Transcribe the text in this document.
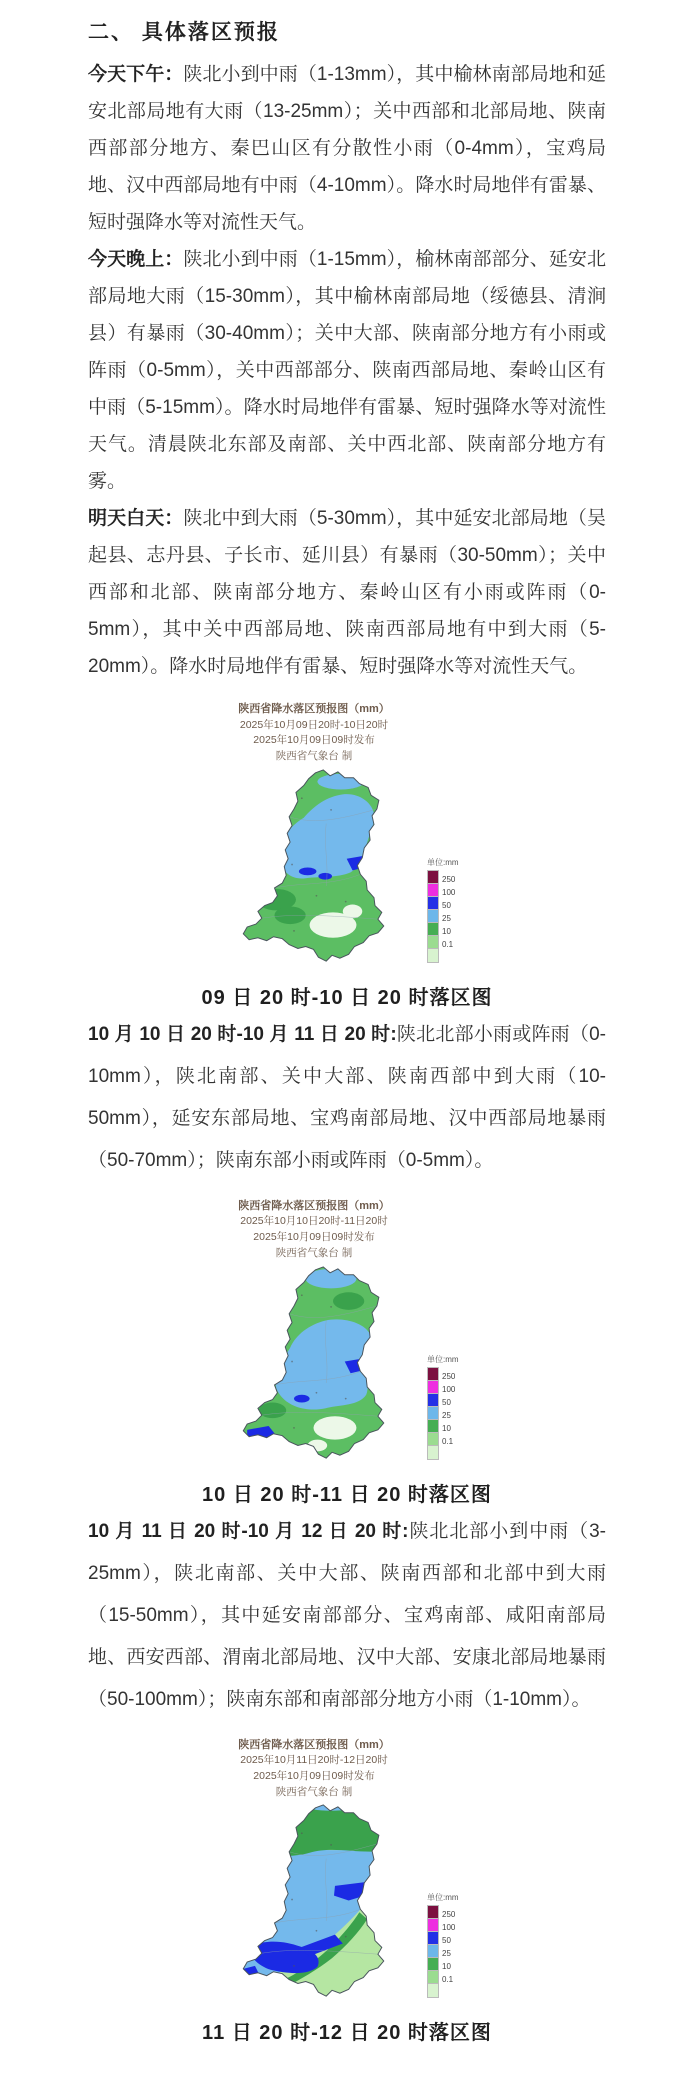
二、 具体落区预报

今天下午：陕北小到中雨（1-13mm），其中榆林南部局地和延安北部局地有大雨（13-25mm）；关中西部和北部局地、陕南西部部分地方、秦巴山区有分散性小雨（0-4mm），宝鸡局地、汉中西部局地有中雨（4-10mm）。降水时局地伴有雷暴、短时强降水等对流性天气。

今天晚上：陕北小到中雨（1-15mm），榆林南部部分、延安北部局地大雨（15-30mm），其中榆林南部局地（绥德县、清涧县）有暴雨（30-40mm）；关中大部、陕南部分地方有小雨或阵雨（0-5mm），关中西部部分、陕南西部局地、秦岭山区有中雨（5-15mm）。降水时局地伴有雷暴、短时强降水等对流性天气。清晨陕北东部及南部、关中西北部、陕南部分地方有雾。

明天白天：陕北中到大雨（5-30mm），其中延安北部局地（吴起县、志丹县、子长市、延川县）有暴雨（30-50mm）；关中西部和北部、陕南部分地方、秦岭山区有小雨或阵雨（0-5mm），其中关中西部局地、陕南西部局地有中到大雨（5-20mm）。降水时局地伴有雷暴、短时强降水等对流性天气。

陕西省降水落区预报图（mm）
2025年10月09日20时-10日20时
2025年10月09日09时发布
陕西省气象台 制
单位:mm
250
100
50
25
10
0.1
09 日 20 时-10 日 20 时落区图

10 月 10 日 20 时-10 月 11 日 20 时:陕北北部小雨或阵雨（0-10mm），陕北南部、关中大部、陕南西部中到大雨（10-50mm），延安东部局地、宝鸡南部局地、汉中西部局地暴雨（50-70mm）；陕南东部小雨或阵雨（0-5mm）。

陕西省降水落区预报图（mm）
2025年10月10日20时-11日20时
2025年10月09日09时发布
陕西省气象台 制
单位:mm
250
100
50
25
10
0.1
10 日 20 时-11 日 20 时落区图

10 月 11 日 20 时-10 月 12 日 20 时:陕北北部小到中雨（3-25mm），陕北南部、关中大部、陕南西部和北部中到大雨（15-50mm），其中延安南部部分、宝鸡南部、咸阳南部局地、西安西部、渭南北部局地、汉中大部、安康北部局地暴雨（50-100mm）；陕南东部和南部部分地方小雨（1-10mm）。

陕西省降水落区预报图（mm）
2025年10月11日20时-12日20时
2025年10月09日09时发布
陕西省气象台 制
单位:mm
250
100
50
25
10
0.1
11 日 20 时-12 日 20 时落区图
